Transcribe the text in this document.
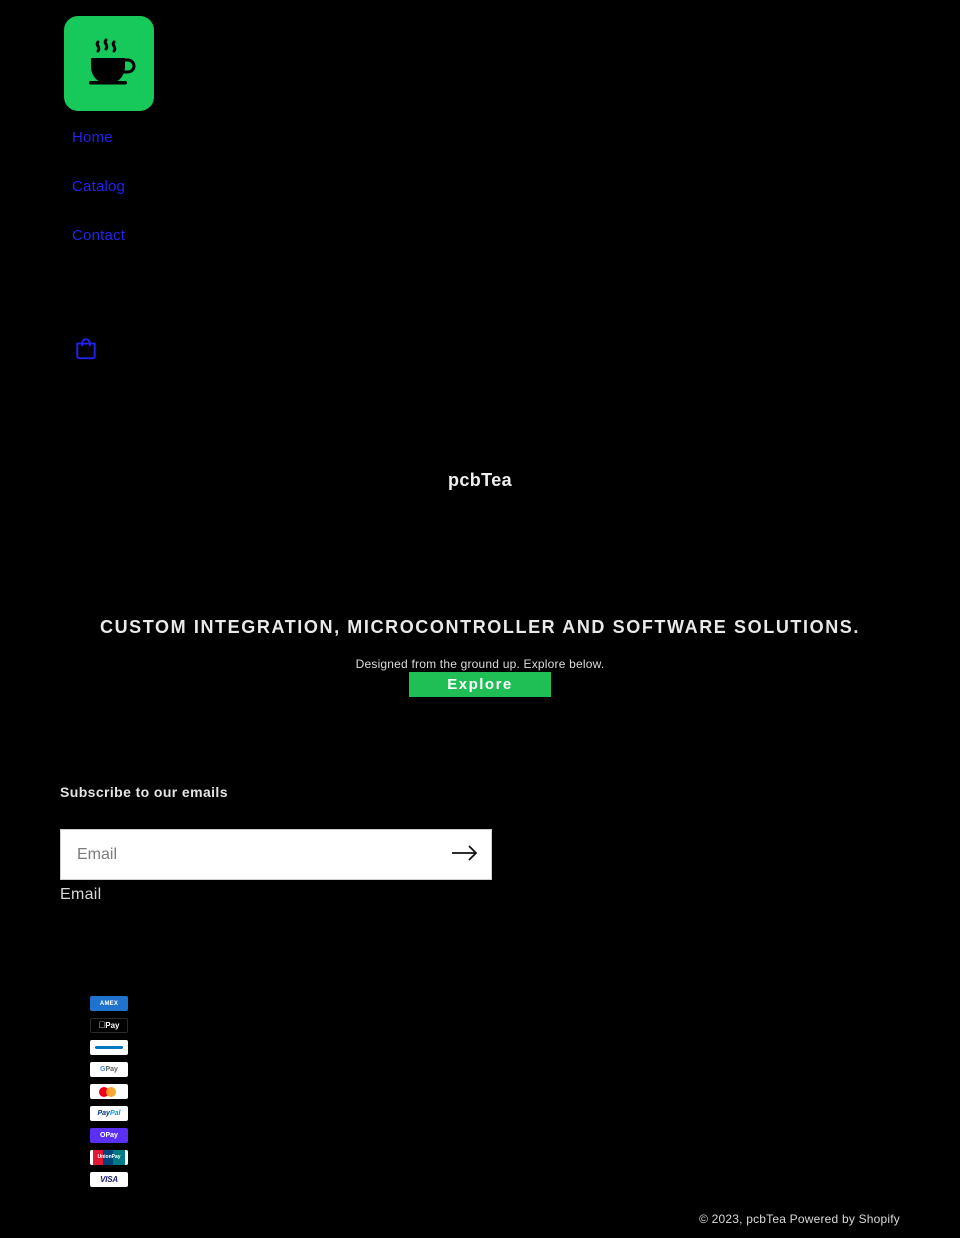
Home
Catalog
Contact
pcbTea
CUSTOM INTEGRATION, MICROCONTROLLER AND SOFTWARE SOLUTIONS.

Designed from the ground up. Explore below.

Explore
Subscribe to our emails
Email
Email
AMEX
Pay
G Pay
Pay Pal
OPay
UnionPay
VISA
© 2023, pcbTea Powered by Shopify
